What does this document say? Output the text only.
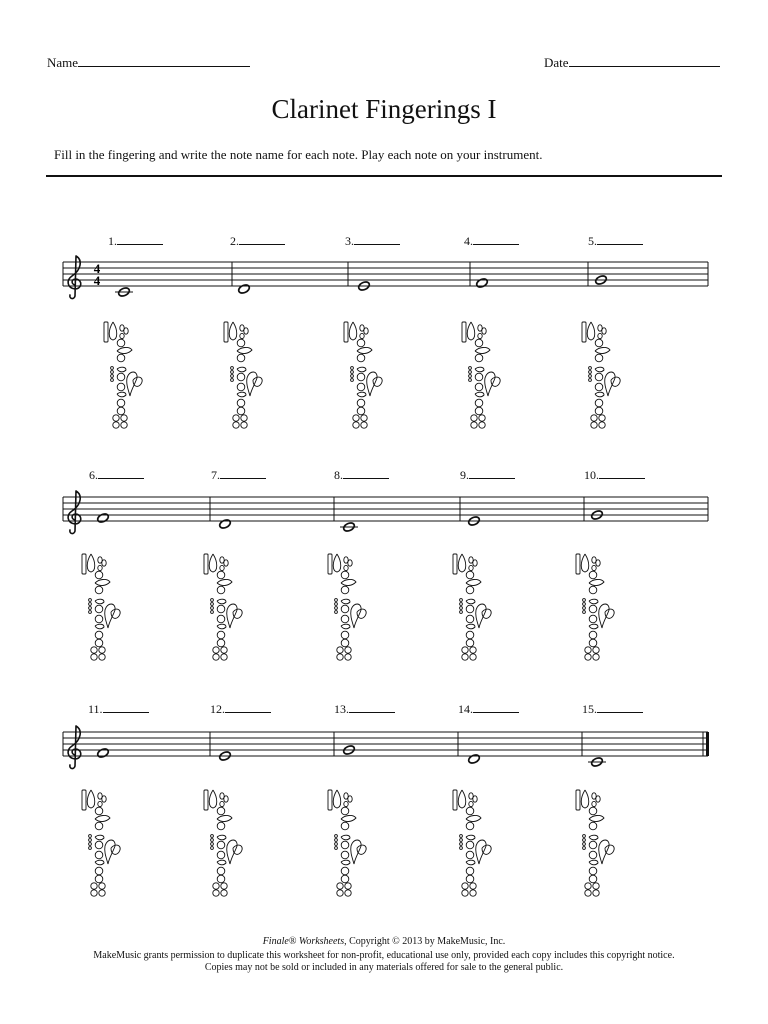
Name	Date
Clarinet Fingerings I
Fill in the fingering and write the note name for each note. Play each note on your instrument.
1.	2.	3.	4.	5.
6.	7.	8.	9.	10.
11.	12.	13.	14.	15.
4
4
Finale® Worksheets, Copyright © 2013 by MakeMusic, Inc.
MakeMusic grants permission to duplicate this worksheet for non-profit, educational use only, provided each copy includes this copyright notice.
Copies may not be sold or included in any materials offered for sale to the general public.
